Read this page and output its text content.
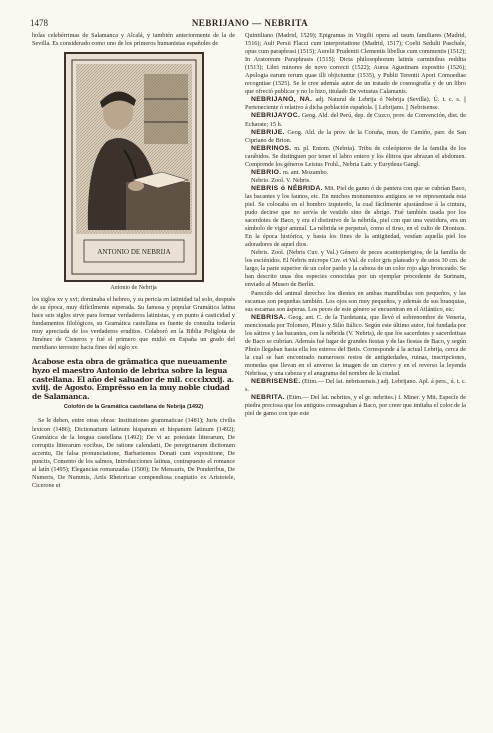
1478	NEBRIJANO — NEBRITA

holas celebérrimas de Salamanca y Alcalá, y también anteriormente de la de Sevilla. Es considerado como uno de los primeros humanistas españoles de

ANTONIO DE NEBRIJA
Antonio de Nebrija

los siglos xv y xvi; dominaba el hebreo, y su pericia en latinidad tal solo, después de su época, muy difícilmente superada. Su famosa y popular Gramática latina hace seis siglos sirve para formar verdaderos latinistas, y en punto á casticidad y fundamentos filológicos, su Gramática castellana es fuente de consulta todavía muy apreciada de los verdaderos eruditos. Colaboró en la Biblia Poliglota de Jiménez de Cisneros y fué el primero que midió en España un grado del meridiano terrestre hacia fines del siglo xv.

Acabose esta obra de grāmatica que nueuamente hyzo el maestro Antonio de lebrixa sobre la legua castellana. El año del saluador de mil. cccclxxxij. a. xviij. de Agosto. Emprēsso en la muy noble ciudad de Salamanca.
Colofón de la Gramática castellana de Nebrija (1492)

Se le deben, entre otras obras: Institutiones grammaticae (1481); Juris civilis lexicon (1486); Dictionarium latinum hispanum et hispanum latinum (1492); Gramática de la lengua castellana (1492); De vi ac potestate litterarum, De corruptis litterarum vocibus, De ratione calendarii, De peregrinarum dictionum accentu, De falsa pronunciatione, Barbariemos Donati cum expositione, De punctis, Comento de los salmos, Introducciones latinas, contrapuesto el romance al latín (1495); Elegancias romanzadas (1500); De Mensuris, De Ponderibus, De Numeris, De Nummis, Artis Rhetoricae compendiosa coaptatio ex Aristotele, Cicerone et

Quintiliano (Madrid, 1529); Epigramas in Virgilii opera ad usum familiares (Madrid, 1516); Auli Persii Flacci cum interpretatione (Madrid, 1517); Coelii Sedulii Paschale, opus cum paraphrasi (1515); Aurelii Prudentii Clementis libellus cum commentis (1512); In Aratoreum Paraphrasis (1515); Dicta philosophorum latinis carminibus reddita (1513); Libri minores de novo correcti (1522); Aurea Agustinam expositio (1526); Apologia earum rerum quae illi objiciuntur (1535), y Publii Terentii Apori Comoediae recognitae (1525). Se le cree además autor de un tratado de cosmografía y de un libro que ofreció publicar y no lo hizo, titulado De vetustas Calamanis.

NEBRIJANO, NA. adj. Natural de Lebrija ó Nebrija (Sevilla). Ú. t. c. s. || Perteneciente ó relativo á dicha población española. || Lebrijano. || Nebrisense.

NEBRIJAYOC. Geog. Ald. del Perú, dep. de Cuzco, prov. de Convención, dist. de Echarate; 15 h.

NEBRIJE. Geog. Ald. de la prov. de la Coruña, mun. de Camiño, parr. de San Cipriano de Brion.

NEBRINOS. m. pl. Entom. (Nebria). Tribu de coleópteros de la familia de los carábidos. Se distinguen por tener el labro entero y los élitros que abrazan el abdomen. Comprende los géneros Leistus Frohl., Nebria Latr. y Eurydeus Gangl.

NEBRIO. m. ant. Mozambo.

Nebrio. Zool. V. Nebris.

NEBRIS ó NÉBRIDA. Mit. Piel de gamo ó de pantera con que se cubrían Baco, las bacantes y los faunos, etc. En muchos monumentos antiguos se ve representada esta piel. Se colocaba en el hombro izquierdo, la cual fácilmente ajustándose á la cintura, pudo decirse que no servía de vestido sino de abrigo. Fué también usada por los sacerdotes de Baco, y era el distintivo de la nébrida, piel con que una vestidura, era un símbolo de vigor animal. La nébrida se perpetuó, como el tirso, en el culto de Dionisos. En la época histórica, y basta los fines de la antigüedad, vestían aquella piel los adoradores de aquel dios.

Nebris. Zool. (Nebris Cuv. y Val.) Género de peces acantopterigios, de la familia de los esciénidos. El Nebris microps Cuv. et Val. de color gris plateado y de unos 30 cm. de largo, la parte superior de un color pardo y la cabeza de un color rojo algo bronceado. Se han descrito unas dos especies conocidas por un ejemplar procedente de Surinam, enviado al Museo de Berlín.

Parecido del animal derecho: los dientes en ambas mandíbulas son pequeños, y las escamas son pequeñas también. Los ojos son muy pequeños, y además de sus branquias, sus escamas son ásperas. Los peces de este género se encuentran en el Atlántico, etc.

NEBRISA. Geog. ant. C. de la Turdetania, que llevó el sobrenombre de Veneria, mencionada por Tolomeo, Plinio y Silio Itálico. Según este último autor, fué fundada por los sátiros y las bacantes, con la nébrida (V. Nebris), de que los sacerdotes y sacerdotisas de Baco se cubrían. Además fué lugar de grandes fiestas y de las fiestas de Baco, y según Plinio llegaban hasta ella los esteros del Betis. Corresponde á la actual Lebrija, cerca de la cual se han encontrado numerosos restos de antigüedades, ruinas, inscripciones, monedas que llevan en el anverso la imagen de un ciervo y en el reverso la leyenda Nebrissa, y una cabeza y el anagrama del nombre de la ciudad.

NEBRISENSE. (Etim.— Del lat. nebrissensis.) adj. Lebrijano. Apl. á pers., ú. t. c. s.

NEBRITA. (Etim.— Del lat. nebrites, y el gr. nebrites.) f. Miner. y Mit. Especie de piedra preciosa que los antiguos consagraban á Baco, por creer que imitaba el color de la piel de gamo con que este
